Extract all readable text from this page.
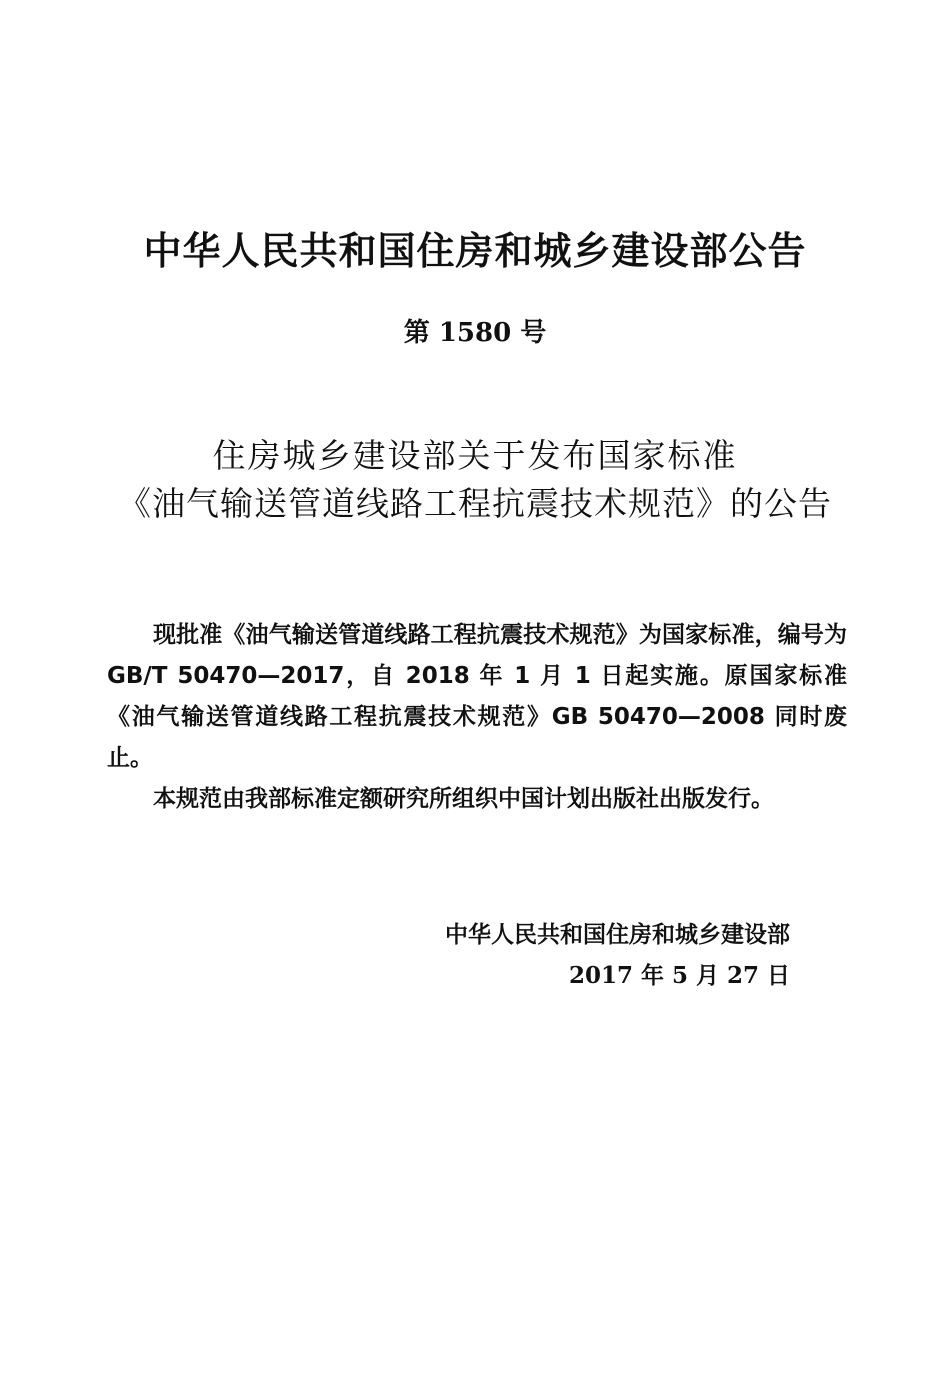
中华人民共和国住房和城乡建设部公告
第 1580 号
住房城乡建设部关于发布国家标准
《油气输送管道线路工程抗震技术规范》的公告

现批准《油气输送管道线路工程抗震技术规范》为国家标准，编号为 GB/T 50470—2017，自 2018 年 1 月 1 日起实施。原国家标准《油气输送管道线路工程抗震技术规范》GB 50470—2008 同时废止。

本规范由我部标准定额研究所组织中国计划出版社出版发行。

中华人民共和国住房和城乡建设部
2017 年 5 月 27 日
